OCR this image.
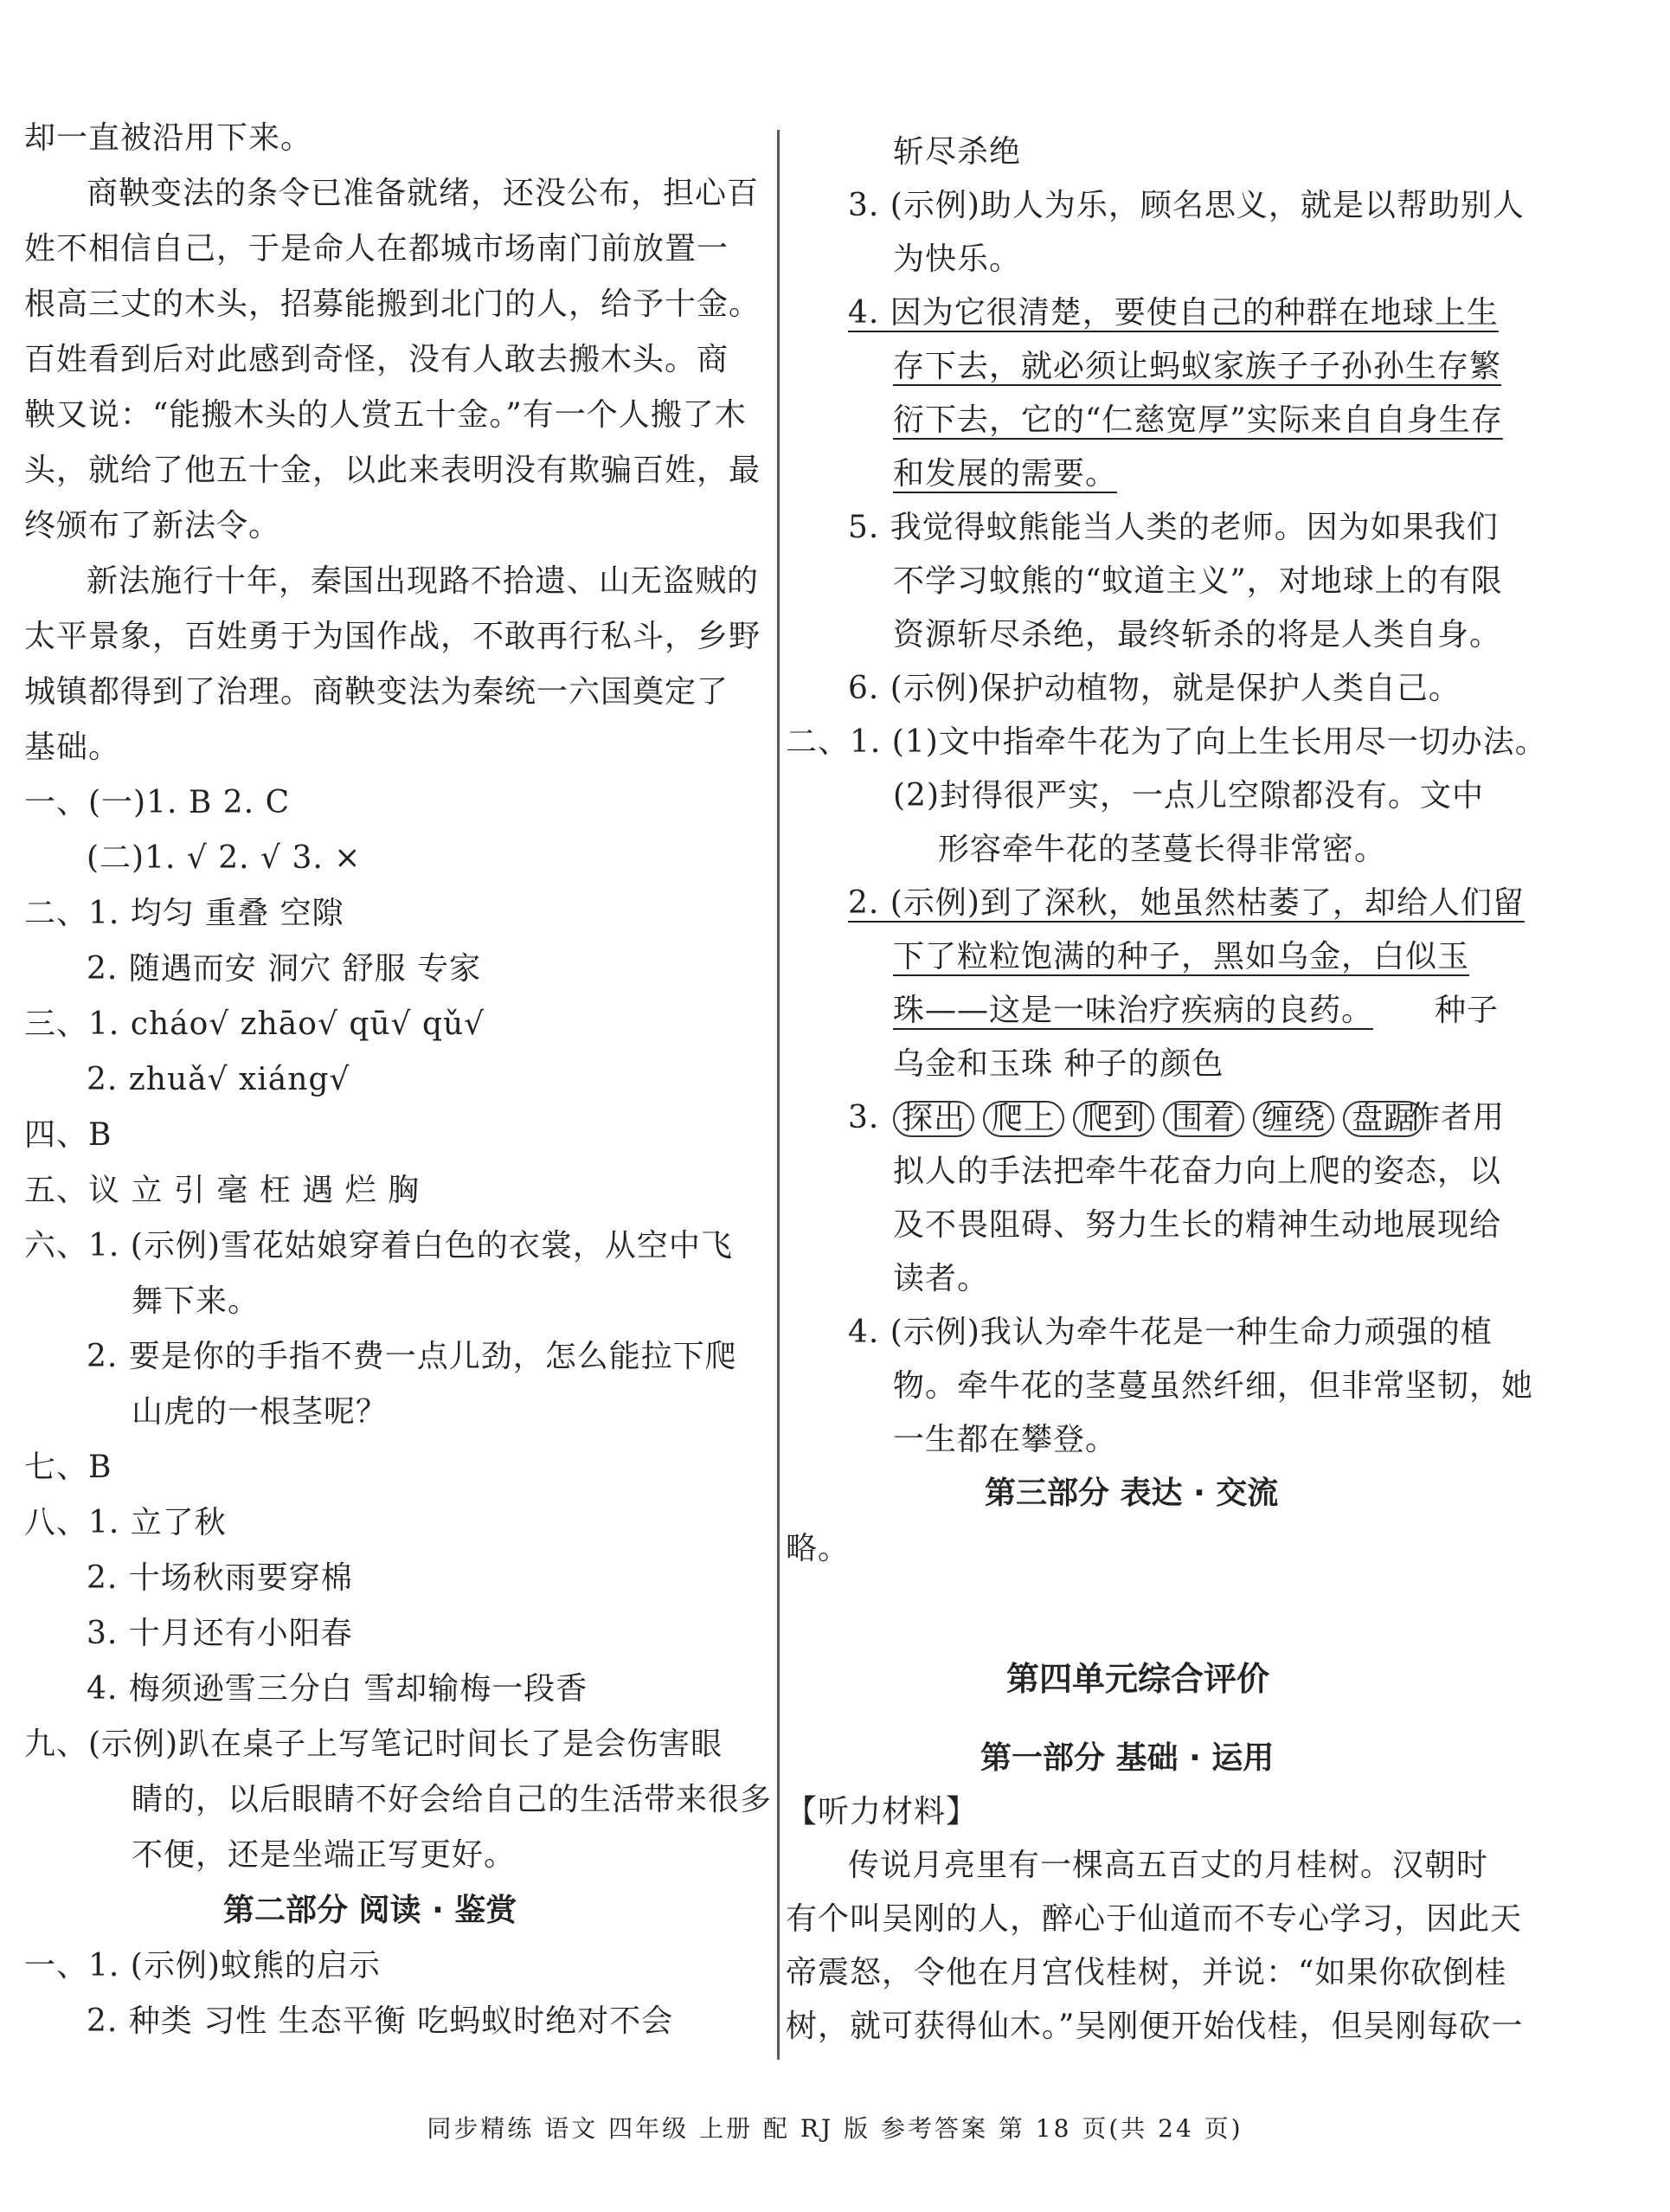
却一直被沿用下来。
商鞅变法的条令已准备就绪，还没公布，担心百
姓不相信自己，于是命人在都城市场南门前放置一
根高三丈的木头，招募能搬到北门的人，给予十金。
百姓看到后对此感到奇怪，没有人敢去搬木头。商
鞅又说：“能搬木头的人赏五十金。”有一个人搬了木
头，就给了他五十金，以此来表明没有欺骗百姓，最
终颁布了新法令。
新法施行十年，秦国出现路不拾遗、山无盗贼的
太平景象，百姓勇于为国作战，不敢再行私斗，乡野
城镇都得到了治理。商鞅变法为秦统一六国奠定了
基础。
一、(一)1. B 2. C
(二)1. √ 2. √ 3. ×
二、1. 均匀 重叠 空隙
2. 随遇而安 洞穴 舒服 专家
三、1. cháo√ zhāo√ qū√ qǔ√
2. zhuǎ√ xiáng√
四、B
五、议 立 引 毫 枉 遇 烂 胸
六、1. (示例)雪花姑娘穿着白色的衣裳，从空中飞
舞下来。
2. 要是你的手指不费一点儿劲，怎么能拉下爬
山虎的一根茎呢？
七、B
八、1. 立了秋
2. 十场秋雨要穿棉
3. 十月还有小阳春
4. 梅须逊雪三分白 雪却输梅一段香
九、(示例)趴在桌子上写笔记时间长了是会伤害眼
睛的，以后眼睛不好会给自己的生活带来很多
不便，还是坐端正写更好。
第二部分 阅读 · 鉴赏
一、1. (示例)蚊熊的启示
2. 种类 习性 生态平衡 吃蚂蚁时绝对不会
斩尽杀绝
3. (示例)助人为乐，顾名思义，就是以帮助别人
为快乐。
4. 因为它很清楚，要使自己的种群在地球上生
存下去，就必须让蚂蚁家族子子孙孙生存繁
衍下去，它的“仁慈宽厚”实际来自自身生存
和发展的需要。
5. 我觉得蚊熊能当人类的老师。因为如果我们
不学习蚊熊的“蚊道主义”，对地球上的有限
资源斩尽杀绝，最终斩杀的将是人类自身。
6. (示例)保护动植物，就是保护人类自己。
二、1. (1)文中指牵牛花为了向上生长用尽一切办法。
(2)封得很严实，一点儿空隙都没有。文中
形容牵牛花的茎蔓长得非常密。
2. (示例)到了深秋，她虽然枯萎了，却给人们留
下了粒粒饱满的种子，黑如乌金，白似玉
珠——这是一味治疗疾病的良药。 种子
乌金和玉珠 种子的颜色
3. 探出 爬上 爬到 围着 缠绕 盘踞
作者用
拟人的手法把牵牛花奋力向上爬的姿态，以
及不畏阻碍、努力生长的精神生动地展现给
读者。
4. (示例)我认为牵牛花是一种生命力顽强的植
物。牵牛花的茎蔓虽然纤细，但非常坚韧，她
一生都在攀登。
第三部分 表达 · 交流
略。
第四单元综合评价
第一部分 基础 · 运用
【听力材料】
传说月亮里有一棵高五百丈的月桂树。汉朝时
有个叫吴刚的人，醉心于仙道而不专心学习，因此天
帝震怒，令他在月宫伐桂树，并说：“如果你砍倒桂
树，就可获得仙木。”吴刚便开始伐桂，但吴刚每砍一
同步精练 语文 四年级 上册 配 RJ 版 参考答案 第 18 页(共 24 页)
